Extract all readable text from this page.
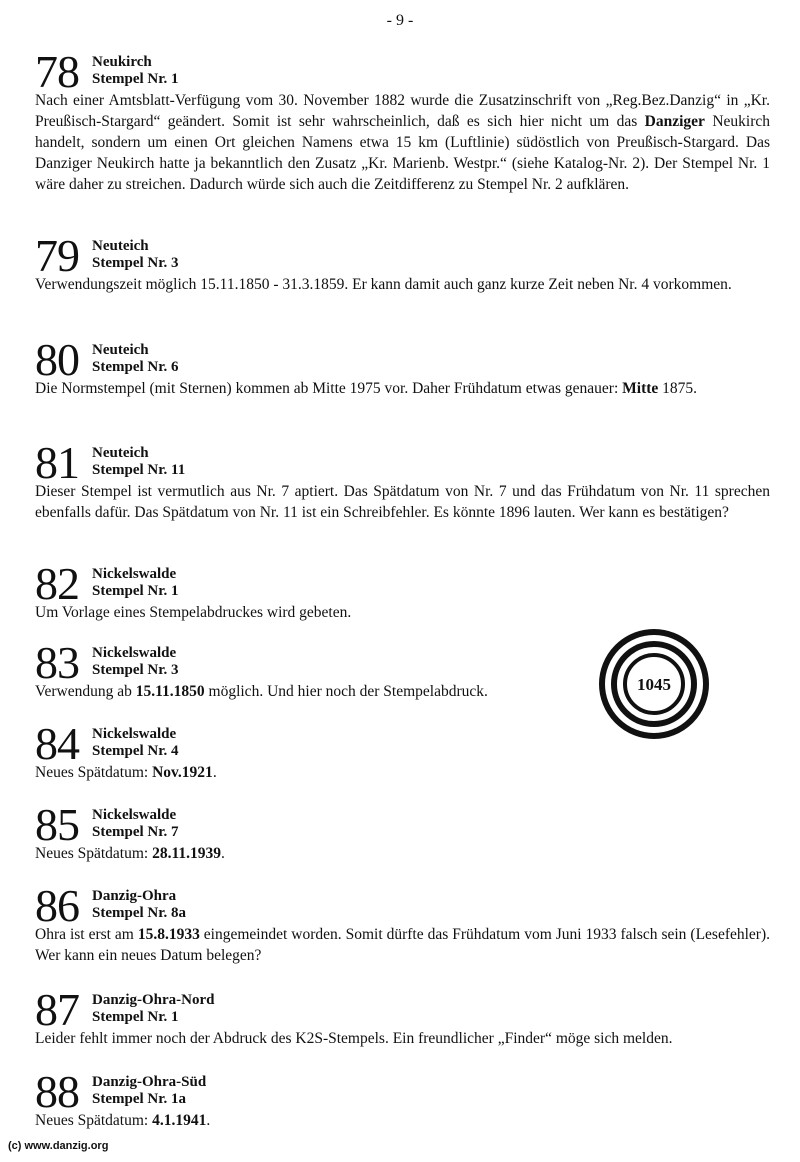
- 9 -
78 Neukirch
Stempel Nr. 1
Nach einer Amtsblatt-Verfügung vom 30. November 1882 wurde die Zusatzinschrift von „Reg.Bez.Danzig“ in „Kr. Preußisch-Stargard“ geändert. Somit ist sehr wahrscheinlich, daß es sich hier nicht um das Danziger Neukirch handelt, sondern um einen Ort gleichen Namens etwa 15 km (Luftlinie) südöstlich von Preußisch-Stargard. Das Danziger Neukirch hatte ja bekanntlich den Zusatz „Kr. Marienb. Westpr.“ (siehe Katalog-Nr. 2). Der Stempel Nr. 1 wäre daher zu streichen. Dadurch würde sich auch die Zeitdifferenz zu Stempel Nr. 2 aufklären.
79 Neuteich
Stempel Nr. 3
Verwendungszeit möglich 15.11.1850 - 31.3.1859. Er kann damit auch ganz kurze Zeit neben Nr. 4 vorkommen.
80 Neuteich
Stempel Nr. 6
Die Normstempel (mit Sternen) kommen ab Mitte 1975 vor. Daher Frühdatum etwas genauer: Mitte 1875.
81 Neuteich
Stempel Nr. 11
Dieser Stempel ist vermutlich aus Nr. 7 aptiert. Das Spätdatum von Nr. 7 und das Frühdatum von Nr. 11 sprechen ebenfalls dafür. Das Spätdatum von Nr. 11 ist ein Schreibfehler. Es könnte 1896 lauten. Wer kann es bestätigen?
82 Nickelswalde
Stempel Nr. 1
Um Vorlage eines Stempelabdruckes wird gebeten.
83 Nickelswalde
Stempel Nr. 3
Verwendung ab 15.11.1850 möglich. Und hier noch der Stempelabdruck.
84 Nickelswalde
Stempel Nr. 4
Neues Spätdatum: Nov.1921.
85 Nickelswalde
Stempel Nr. 7
Neues Spätdatum: 28.11.1939.
86 Danzig-Ohra
Stempel Nr. 8a
Ohra ist erst am 15.8.1933 eingemeindet worden. Somit dürfte das Frühdatum vom Juni 1933 falsch sein (Lesefehler). Wer kann ein neues Datum belegen?
87 Danzig-Ohra-Nord
Stempel Nr. 1
Leider fehlt immer noch der Abdruck des K2S-Stempels. Ein freundlicher „Finder“ möge sich melden.
88 Danzig-Ohra-Süd
Stempel Nr. 1a
Neues Spätdatum: 4.1.1941.
1045
(c) www.danzig.org
